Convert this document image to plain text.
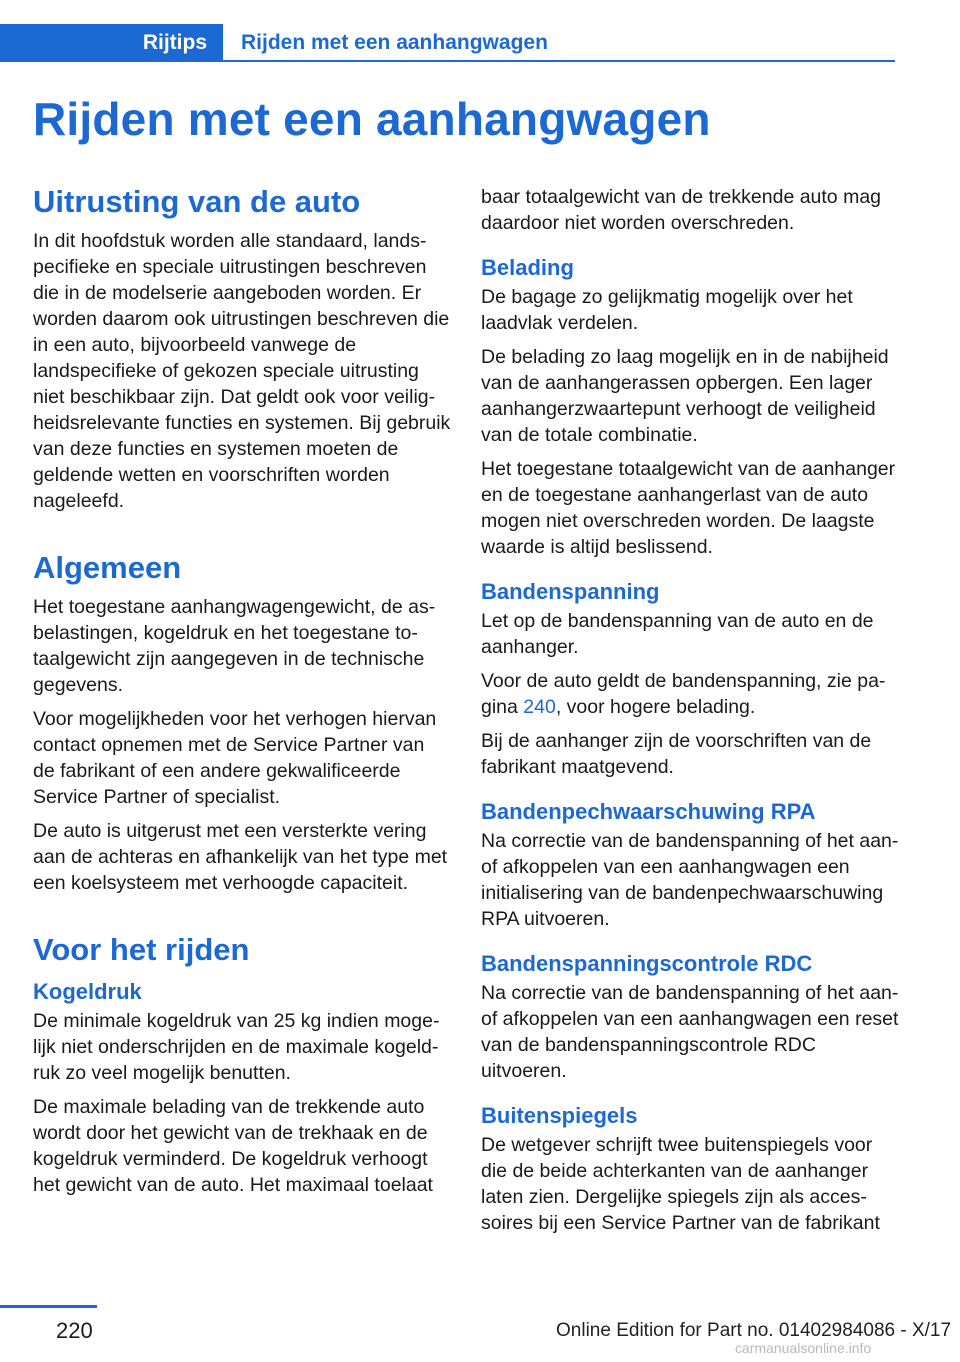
Rijtips	Rijden met een aanhangwagen
Rijden met een aanhangwagen
Uitrusting van de auto

In dit hoofdstuk worden alle standaard, landspecifieke en speciale uitrustingen beschreven die in de modelserie aangeboden worden. Er worden daarom ook uitrustingen beschreven die in een auto, bijvoorbeeld vanwege de landspecifieke of gekozen speciale uitrusting niet beschikbaar zijn. Dat geldt ook voor veiligheidsrelevante functies en systemen. Bij gebruik van deze functies en systemen moeten de geldende wetten en voorschriften worden nageleefd.

Algemeen

Het toegestane aanhangwagengewicht, de asbelastingen, kogeldruk en het toegestane totaalgewicht zijn aangegeven in de technische gegevens.

Voor mogelijkheden voor het verhogen hiervan contact opnemen met de Service Partner van de fabrikant of een andere gekwalificeerde Service Partner of specialist.

De auto is uitgerust met een versterkte vering aan de achteras en afhankelijk van het type met een koelsysteem met verhoogde capaciteit.

Voor het rijden
Kogeldruk

De minimale kogeldruk van 25 kg indien mogelijk niet onderschrijden en de maximale kogeldruk zo veel mogelijk benutten.

De maximale belading van de trekkende auto wordt door het gewicht van de trekhaak en de kogeldruk verminderd. De kogeldruk verhoogt het gewicht van de auto. Het maximaal toelaat

baar totaalgewicht van de trekkende auto mag daardoor niet worden overschreden.

Belading

De bagage zo gelijkmatig mogelijk over het laadvlak verdelen.

De belading zo laag mogelijk en in de nabijheid van de aanhangerassen opbergen. Een lager aanhangerzwaartepunt verhoogt de veiligheid van de totale combinatie.

Het toegestane totaalgewicht van de aanhanger en de toegestane aanhangerlast van de auto mogen niet overschreden worden. De laagste waarde is altijd beslissend.

Bandenspanning

Let op de bandenspanning van de auto en de aanhanger.

Voor de auto geldt de bandenspanning, zie pagina 240, voor hogere belading.

Bij de aanhanger zijn de voorschriften van de fabrikant maatgevend.

Bandenpechwaarschuwing RPA

Na correctie van de bandenspanning of het aan- of afkoppelen van een aanhangwagen een initialisering van de bandenpechwaarschuwing RPA uitvoeren.

Bandenspanningscontrole RDC

Na correctie van de bandenspanning of het aan- of afkoppelen van een aanhangwagen een reset van de bandenspanningscontrole RDC uitvoeren.

Buitenspiegels

De wetgever schrijft twee buitenspiegels voor die de beide achterkanten van de aanhanger laten zien. Dergelijke spiegels zijn als accessoires bij een Service Partner van de fabrikant

220	Online Edition for Part no. 01402984086 - X/17
carmanualsonline.info
